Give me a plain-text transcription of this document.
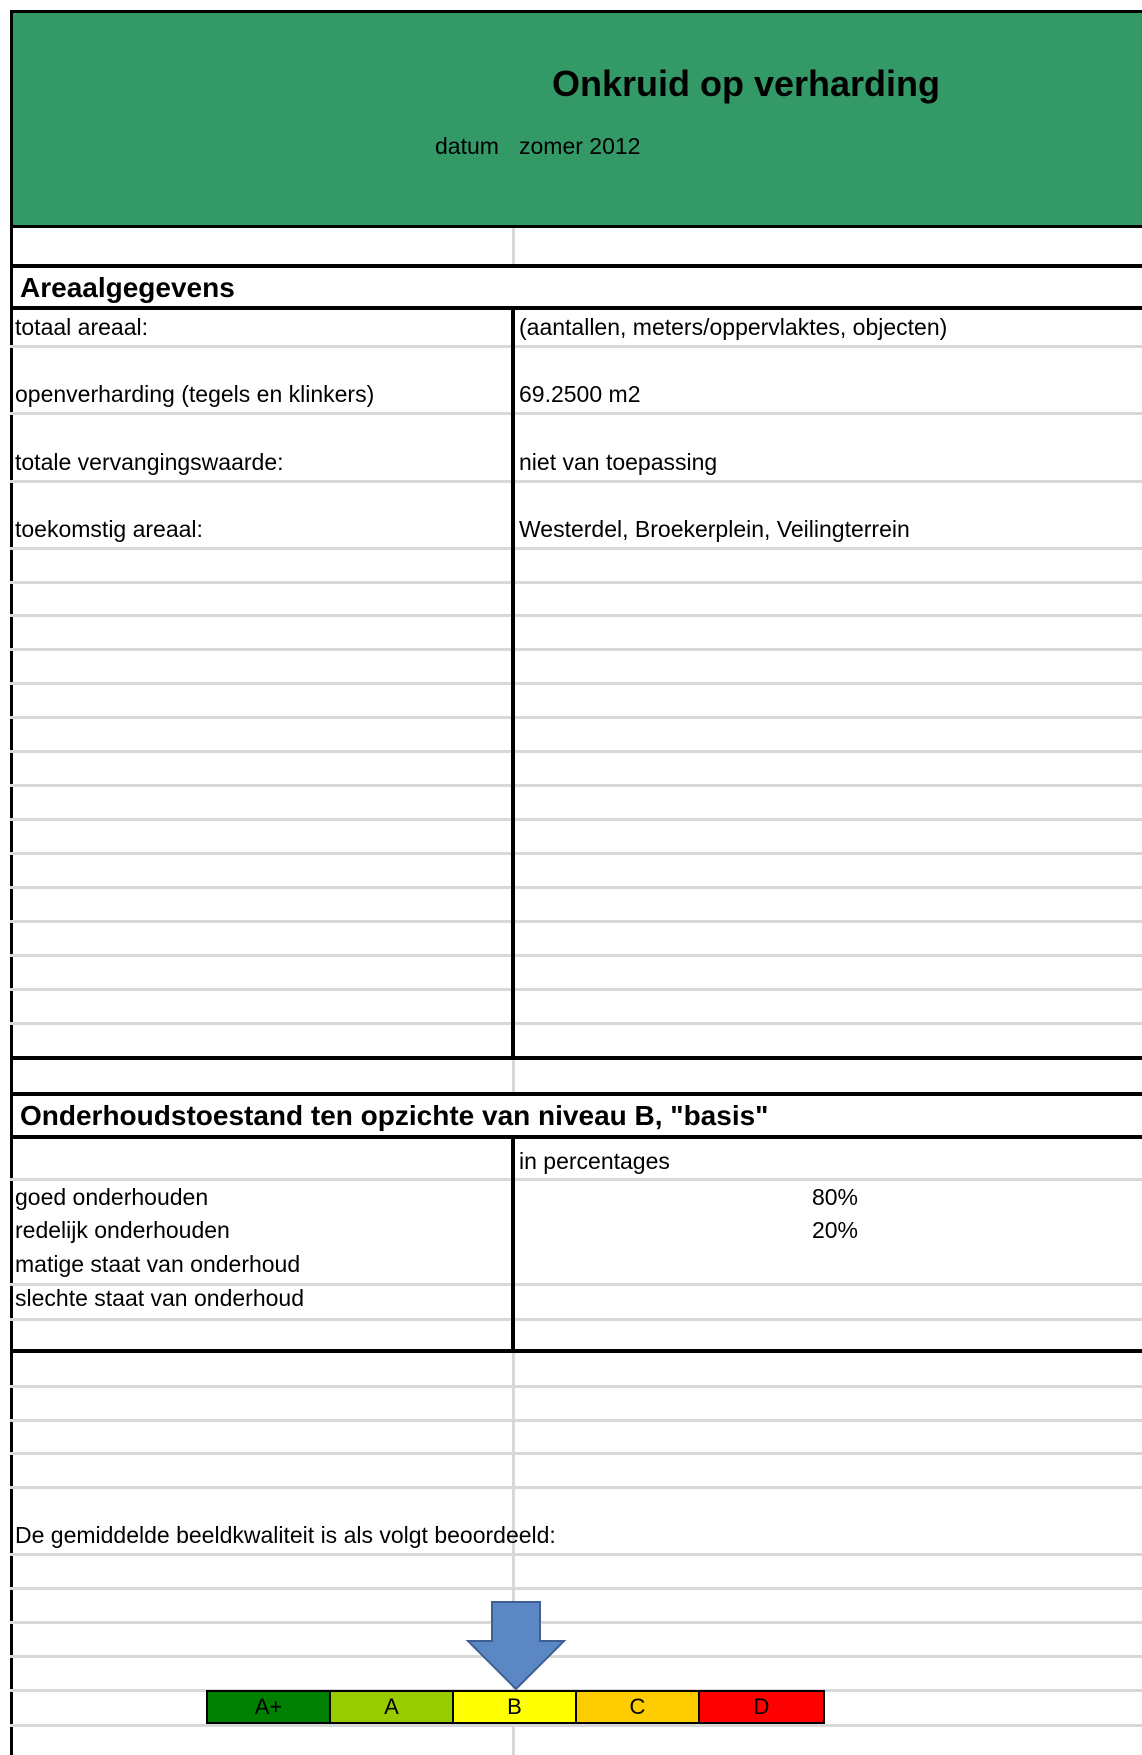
Onkruid op verharding
datum zomer 2012
Areaalgegevens
totaal areaal:	(aantallen, meters/oppervlaktes, objecten)
openverharding (tegels en klinkers)	69.2500 m2
totale vervangingswaarde:	niet van toepassing
toekomstig areaal:	Westerdel, Broekerplein, Veilingterrein
Onderhoudstoestand ten opzichte van niveau B, "basis"
in percentages
goed onderhouden	80%
redelijk onderhouden	20%
matige staat van onderhoud
slechte staat van onderhoud
De gemiddelde beeldkwaliteit is als volgt beoordeeld:
A+	A	B	C	D
